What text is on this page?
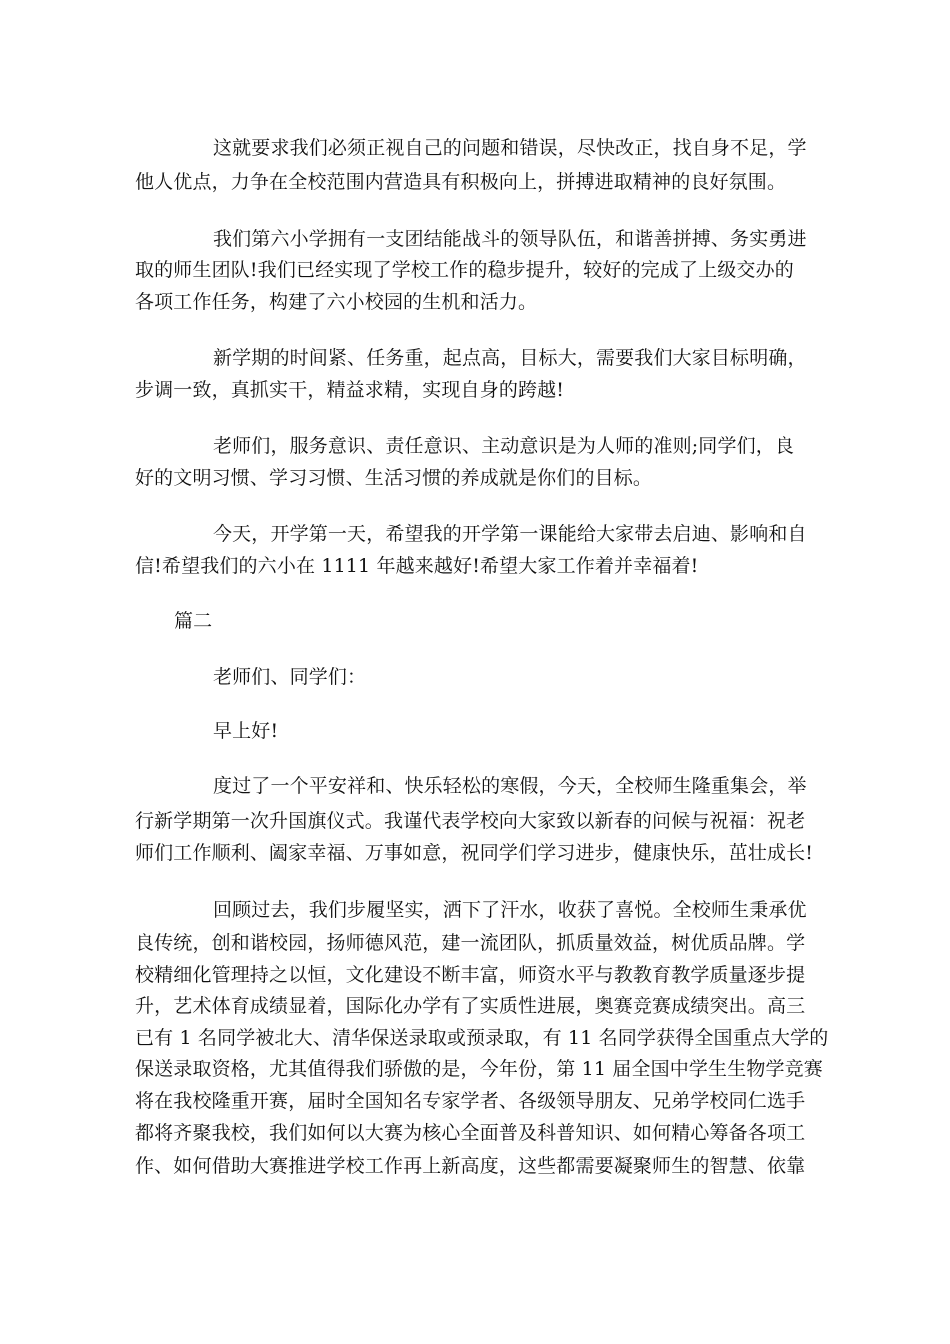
这就要求我们必须正视自己的问题和错误，尽快改正，找自身不足，学
他人优点，力争在全校范围内营造具有积极向上，拼搏进取精神的良好氛围。
我们第六小学拥有一支团结能战斗的领导队伍，和谐善拼搏、务实勇进
取的师生团队!我们已经实现了学校工作的稳步提升，较好的完成了上级交办的
各项工作任务，构建了六小校园的生机和活力。
新学期的时间紧、任务重，起点高，目标大，需要我们大家目标明确，
步调一致，真抓实干，精益求精，实现自身的跨越!
老师们，服务意识、责任意识、主动意识是为人师的准则;同学们，良
好的文明习惯、学习习惯、生活习惯的养成就是你们的目标。
今天，开学第一天，希望我的开学第一课能给大家带去启迪、影响和自
信!希望我们的六小在 1111 年越来越好!希望大家工作着并幸福着!
篇二
老师们、同学们：
早上好!
度过了一个平安祥和、快乐轻松的寒假，今天，全校师生隆重集会，举
行新学期第一次升国旗仪式。我谨代表学校向大家致以新春的问候与祝福：祝老
师们工作顺利、阖家幸福、万事如意，祝同学们学习进步，健康快乐，茁壮成长!
回顾过去，我们步履坚实，洒下了汗水，收获了喜悦。全校师生秉承优
良传统，创和谐校园，扬师德风范，建一流团队，抓质量效益，树优质品牌。学
校精细化管理持之以恒，文化建设不断丰富，师资水平与教教育教学质量逐步提
升，艺术体育成绩显着，国际化办学有了实质性进展，奥赛竞赛成绩突出。高三
已有 1 名同学被北大、清华保送录取或预录取，有 11 名同学获得全国重点大学的
保送录取资格，尤其值得我们骄傲的是，今年份，第 11 届全国中学生生物学竞赛
将在我校隆重开赛，届时全国知名专家学者、各级领导朋友、兄弟学校同仁选手
都将齐聚我校，我们如何以大赛为核心全面普及科普知识、如何精心筹备各项工
作、如何借助大赛推进学校工作再上新高度，这些都需要凝聚师生的智慧、依靠
